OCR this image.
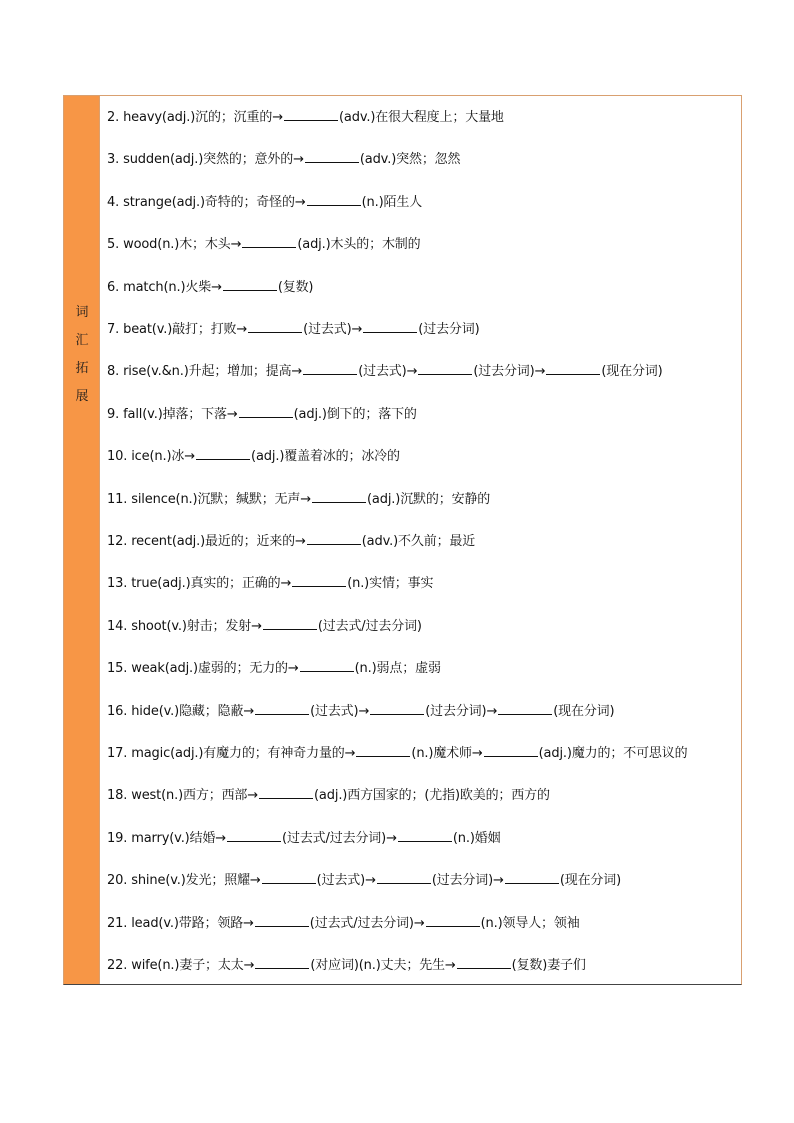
词
汇
拓
展
2. heavy(adj.)沉的；沉重的→	(adv.)在很大程度上；大量地
3. sudden(adj.)突然的；意外的→	(adv.)突然；忽然
4. strange(adj.)奇特的；奇怪的→	(n.)陌生人
5. wood(n.)木；木头→	(adj.)木头的；木制的
6. match(n.)火柴→	(复数)
7. beat(v.)敲打；打败→	(过去式)→	(过去分词)
8. rise(v.&n.)升起；增加；提高→	(过去式)→	(过去分词)→	(现在分词)
9. fall(v.)掉落；下落→	(adj.)倒下的；落下的
10. ice(n.)冰→	(adj.)覆盖着冰的；冰冷的
11. silence(n.)沉默；缄默；无声→	(adj.)沉默的；安静的
12. recent(adj.)最近的；近来的→	(adv.)不久前；最近
13. true(adj.)真实的；正确的→	(n.)实情；事实
14. shoot(v.)射击；发射→	(过去式/过去分词)
15. weak(adj.)虚弱的；无力的→	(n.)弱点；虚弱
16. hide(v.)隐藏；隐蔽→	(过去式)→	(过去分词)→	(现在分词)
17. magic(adj.)有魔力的；有神奇力量的→	(n.)魔术师→	(adj.)魔力的；不可思议的
18. west(n.)西方；西部→	(adj.)西方国家的；(尤指)欧美的；西方的
19. marry(v.)结婚→	(过去式/过去分词)→	(n.)婚姻
20. shine(v.)发光；照耀→	(过去式)→	(过去分词)→	(现在分词)
21. lead(v.)带路；领路→	(过去式/过去分词)→	(n.)领导人；领袖
22. wife(n.)妻子；太太→	(对应词)(n.)丈夫；先生→	(复数)妻子们
